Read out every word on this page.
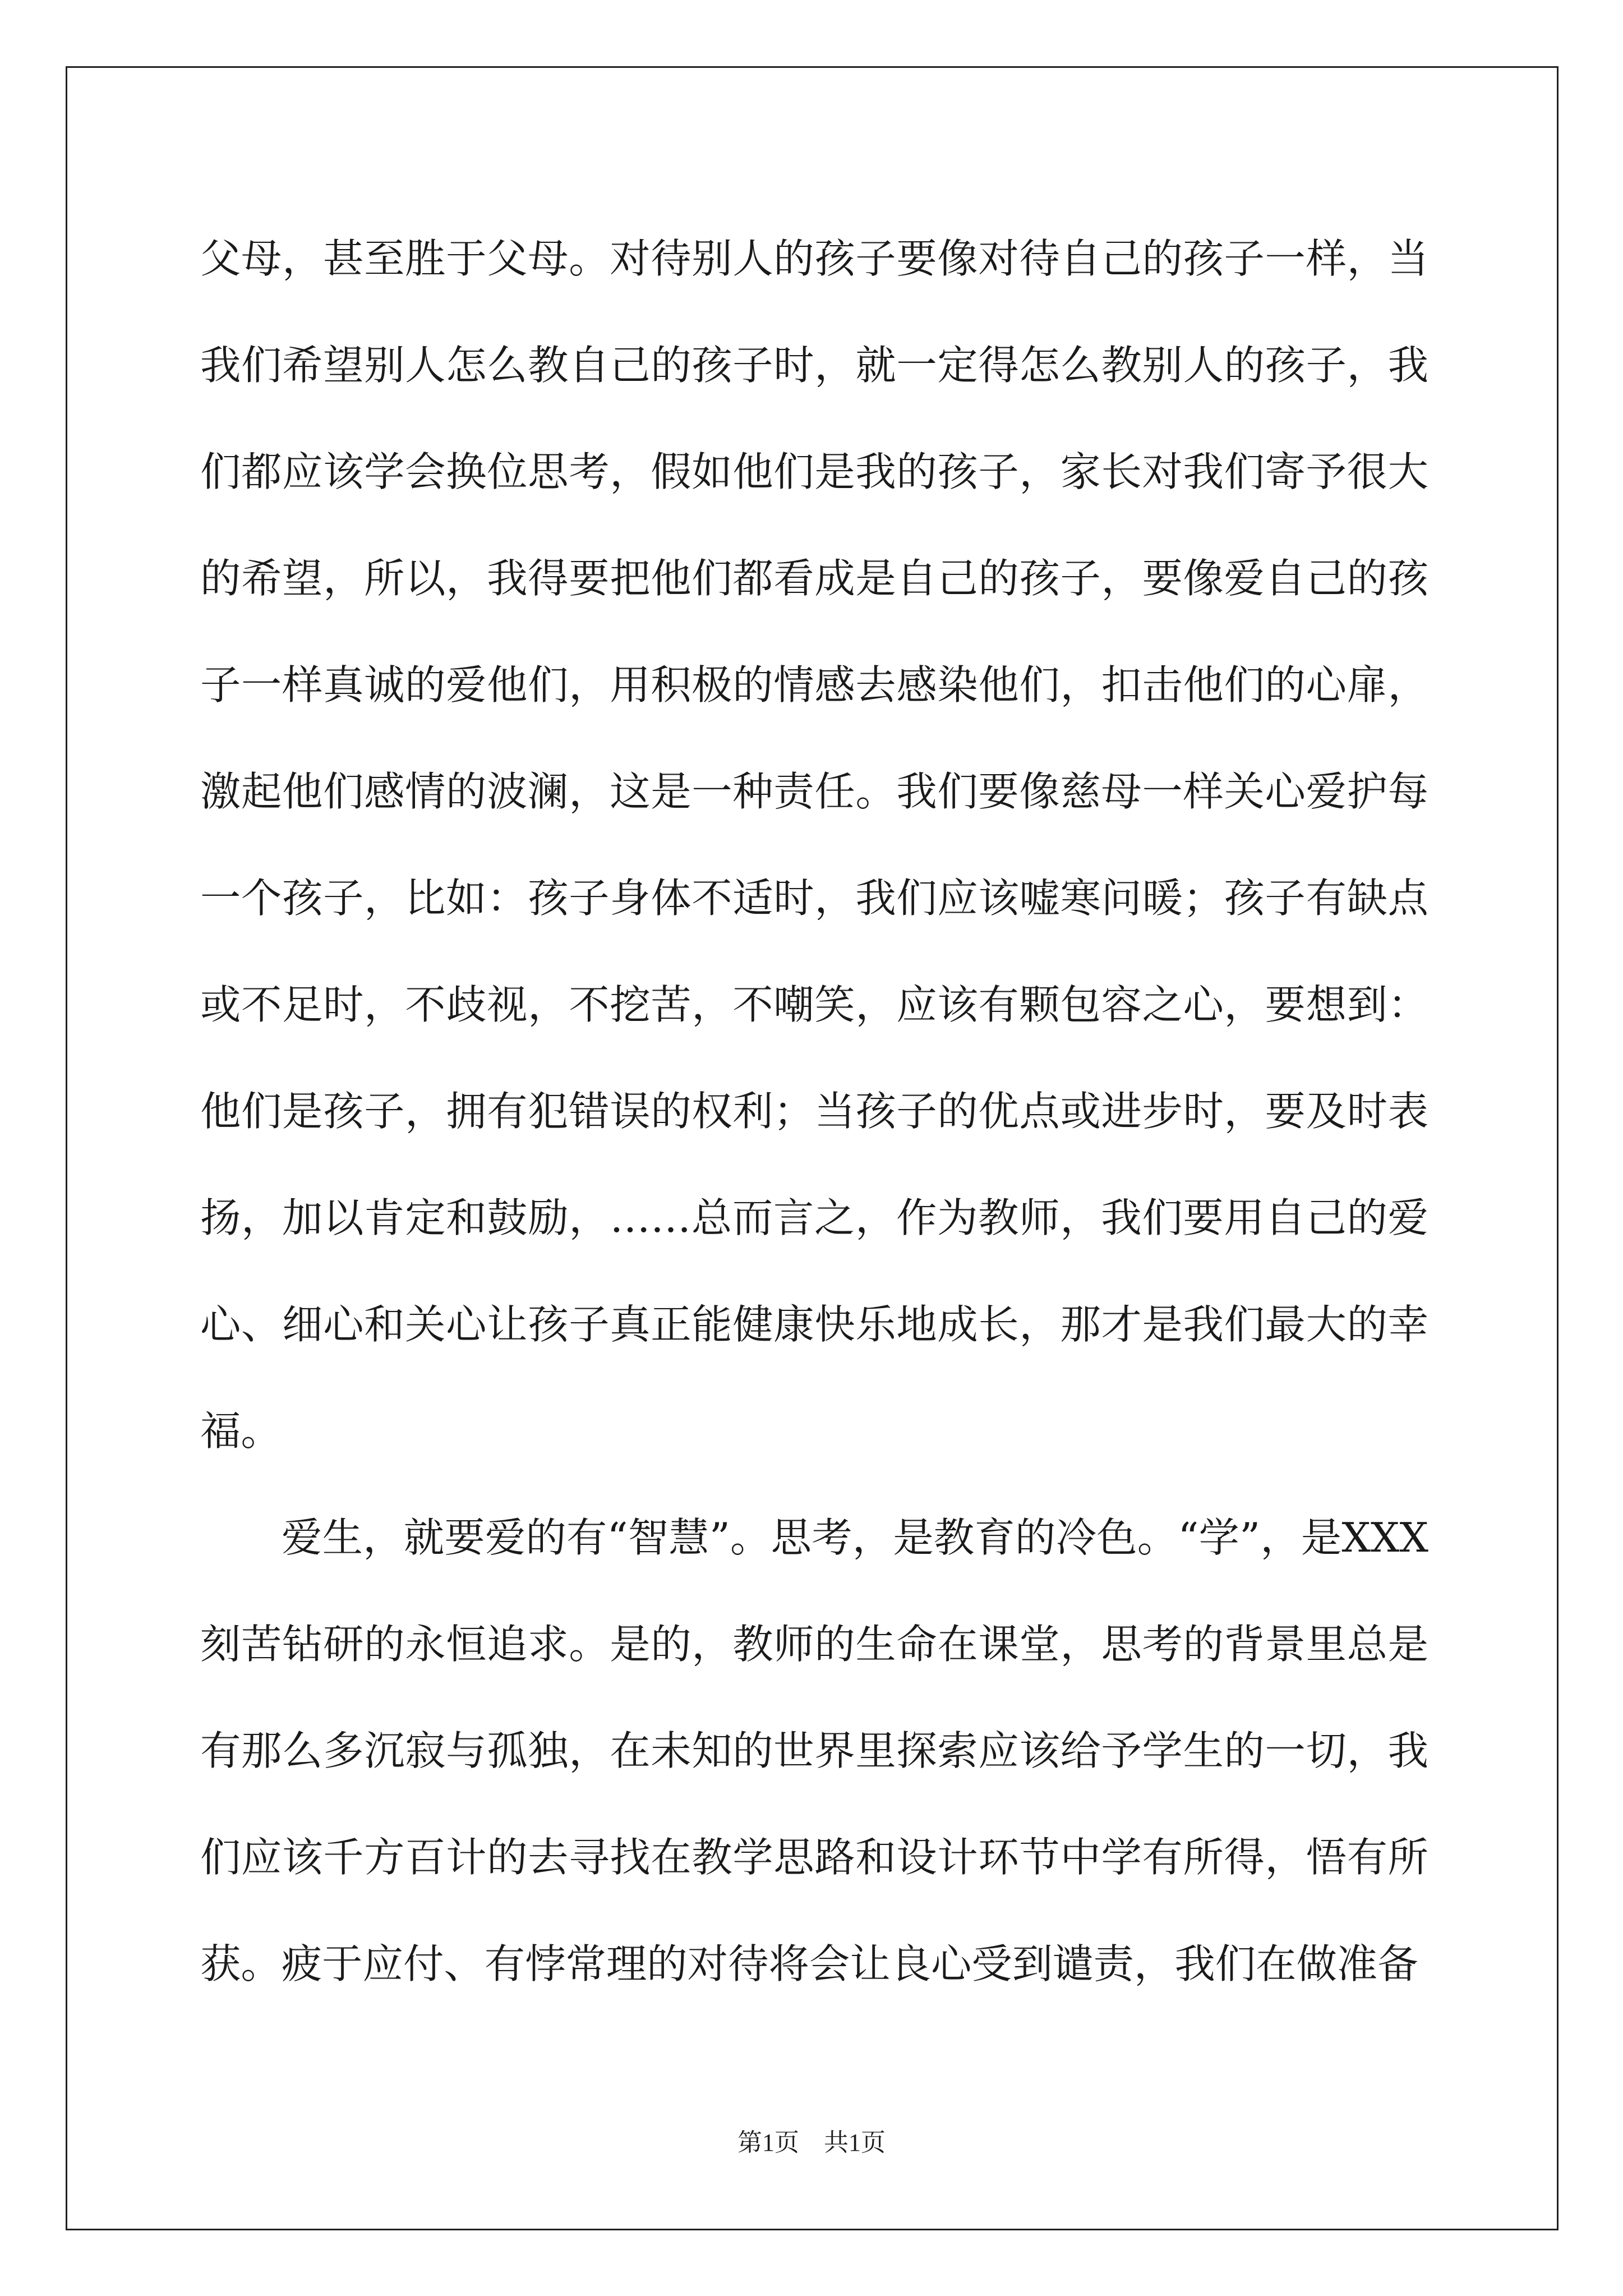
父母，甚至胜于父母。对待别人的孩子要像对待自己的孩子一样，当我们希望别人怎么教自己的孩子时，就一定得怎么教别人的孩子，我们都应该学会换位思考，假如他们是我的孩子，家长对我们寄予很大的希望，所以，我得要把他们都看成是自己的孩子，要像爱自己的孩子一样真诚的爱他们，用积极的情感去感染他们，扣击他们的心扉，激起他们感情的波澜，这是一种责任。我们要像慈母一样关心爱护每一个孩子，比如：孩子身体不适时，我们应该嘘寒问暖；孩子有缺点或不足时，不歧视，不挖苦，不嘲笑，应该有颗包容之心，要想到：他们是孩子，拥有犯错误的权利；当孩子的优点或进步时，要及时表扬，加以肯定和鼓励，……总而言之，作为教师，我们要用自己的爱心、细心和关心让孩子真正能健康快乐地成长，那才是我们最大的幸福。

爱生，就要爱的有“智慧”。思考，是教育的冷色。“学”，是XXX刻苦钻研的永恒追求。是的，教师的生命在课堂，思考的背景里总是有那么多沉寂与孤独，在未知的世界里探索应该给予学生的一切，我们应该千方百计的去寻找在教学思路和设计环节中学有所得，悟有所获。疲于应付、有悖常理的对待将会让良心受到谴责，我们在做准备

第1页 共1页
